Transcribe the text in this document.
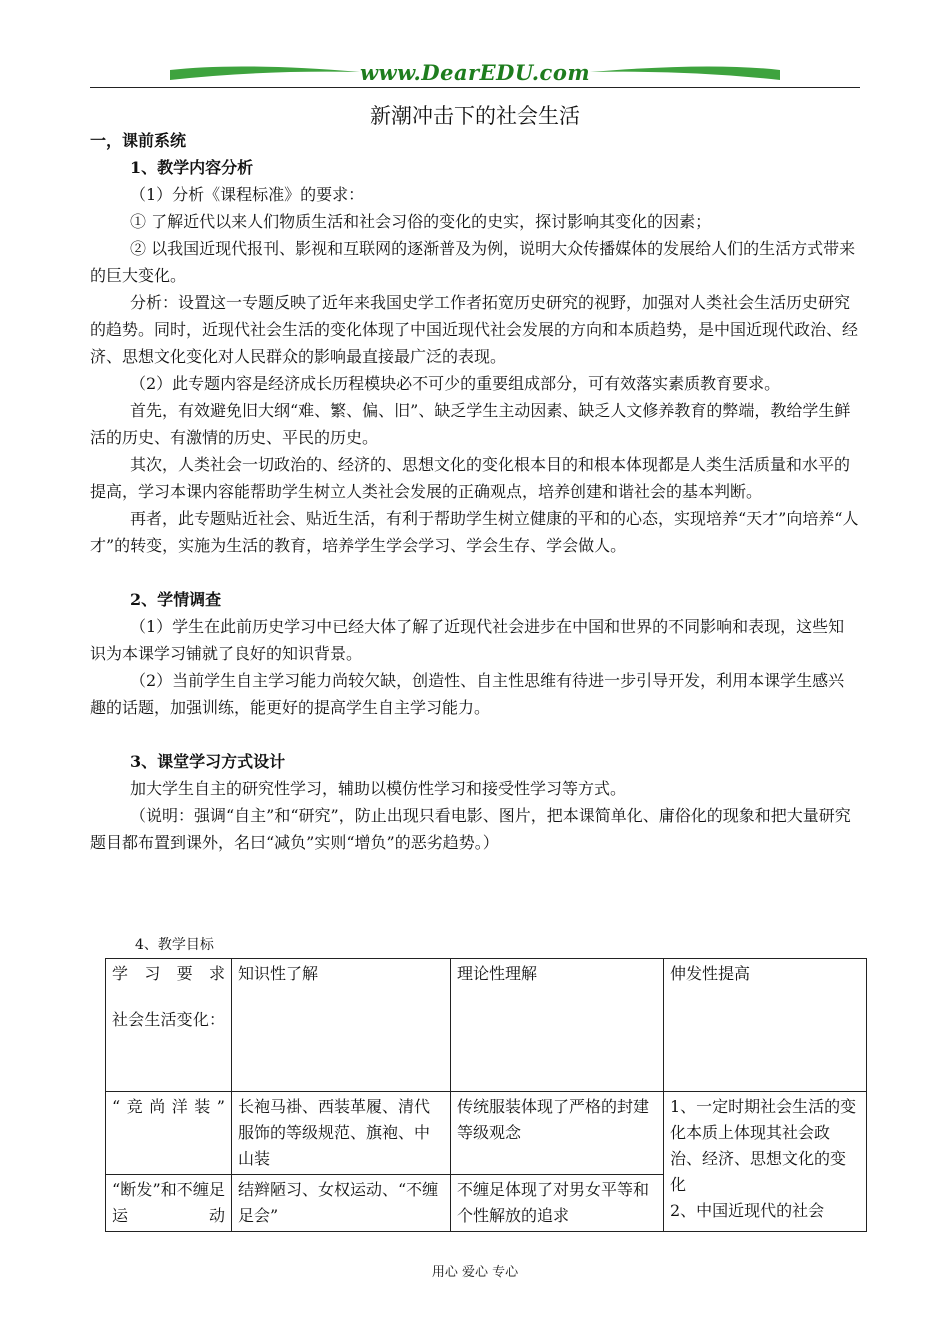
www.DearEDU.com
新潮冲击下的社会生活

一，课前系统

1、教学内容分析

（1）分析《课程标准》的要求：

① 了解近代以来人们物质生活和社会习俗的变化的史实，探讨影响其变化的因素；

② 以我国近现代报刊、影视和互联网的逐渐普及为例，说明大众传播媒体的发展给人们的生活方式带来的巨大变化。

分析：设置这一专题反映了近年来我国史学工作者拓宽历史研究的视野，加强对人类社会生活历史研究的趋势。同时，近现代社会生活的变化体现了中国近现代社会发展的方向和本质趋势，是中国近现代政治、经济、思想文化变化对人民群众的影响最直接最广泛的表现。

（2）此专题内容是经济成长历程模块必不可少的重要组成部分，可有效落实素质教育要求。

首先，有效避免旧大纲“难、繁、偏、旧”、缺乏学生主动因素、缺乏人文修养教育的弊端，教给学生鲜活的历史、有激情的历史、平民的历史。

其次，人类社会一切政治的、经济的、思想文化的变化根本目的和根本体现都是人类生活质量和水平的提高，学习本课内容能帮助学生树立人类社会发展的正确观点，培养创建和谐社会的基本判断。

再者，此专题贴近社会、贴近生活，有利于帮助学生树立健康的平和的心态，实现培养“天才”向培养“人才”的转变，实施为生活的教育，培养学生学会学习、学会生存、学会做人。

2、学情调查

（1）学生在此前历史学习中已经大体了解了近现代社会进步在中国和世界的不同影响和表现，这些知识为本课学习铺就了良好的知识背景。

（2）当前学生自主学习能力尚较欠缺，创造性、自主性思维有待进一步引导开发，利用本课学生感兴趣的话题，加强训练，能更好的提高学生自主学习能力。

3、课堂学习方式设计

加大学生自主的研究性学习，辅助以模仿性学习和接受性学习等方式。

（说明：强调“自主”和“研究”，防止出现只看电影、图片，把本课简单化、庸俗化的现象和把大量研究题目都布置到课外，名曰“减负”实则“增负”的恶劣趋势。）

4、教学目标
学习要求
社会生活变化：	知识性了解	理论性理解	伸发性提高
“竞尚洋装”	长袍马褂、西装革履、清代服饰的等级规范、旗袍、中山装	传统服装体现了严格的封建等级观念	1、一定时期社会生活的变化本质上体现其社会政治、经济、思想文化的变化
2、中国近现代的社会

“断发”和不缠足运动	结辫陋习、女权运动、“不缠足会”	不缠足体现了对男女平等和个性解放的追求	
用心 爱心 专心
